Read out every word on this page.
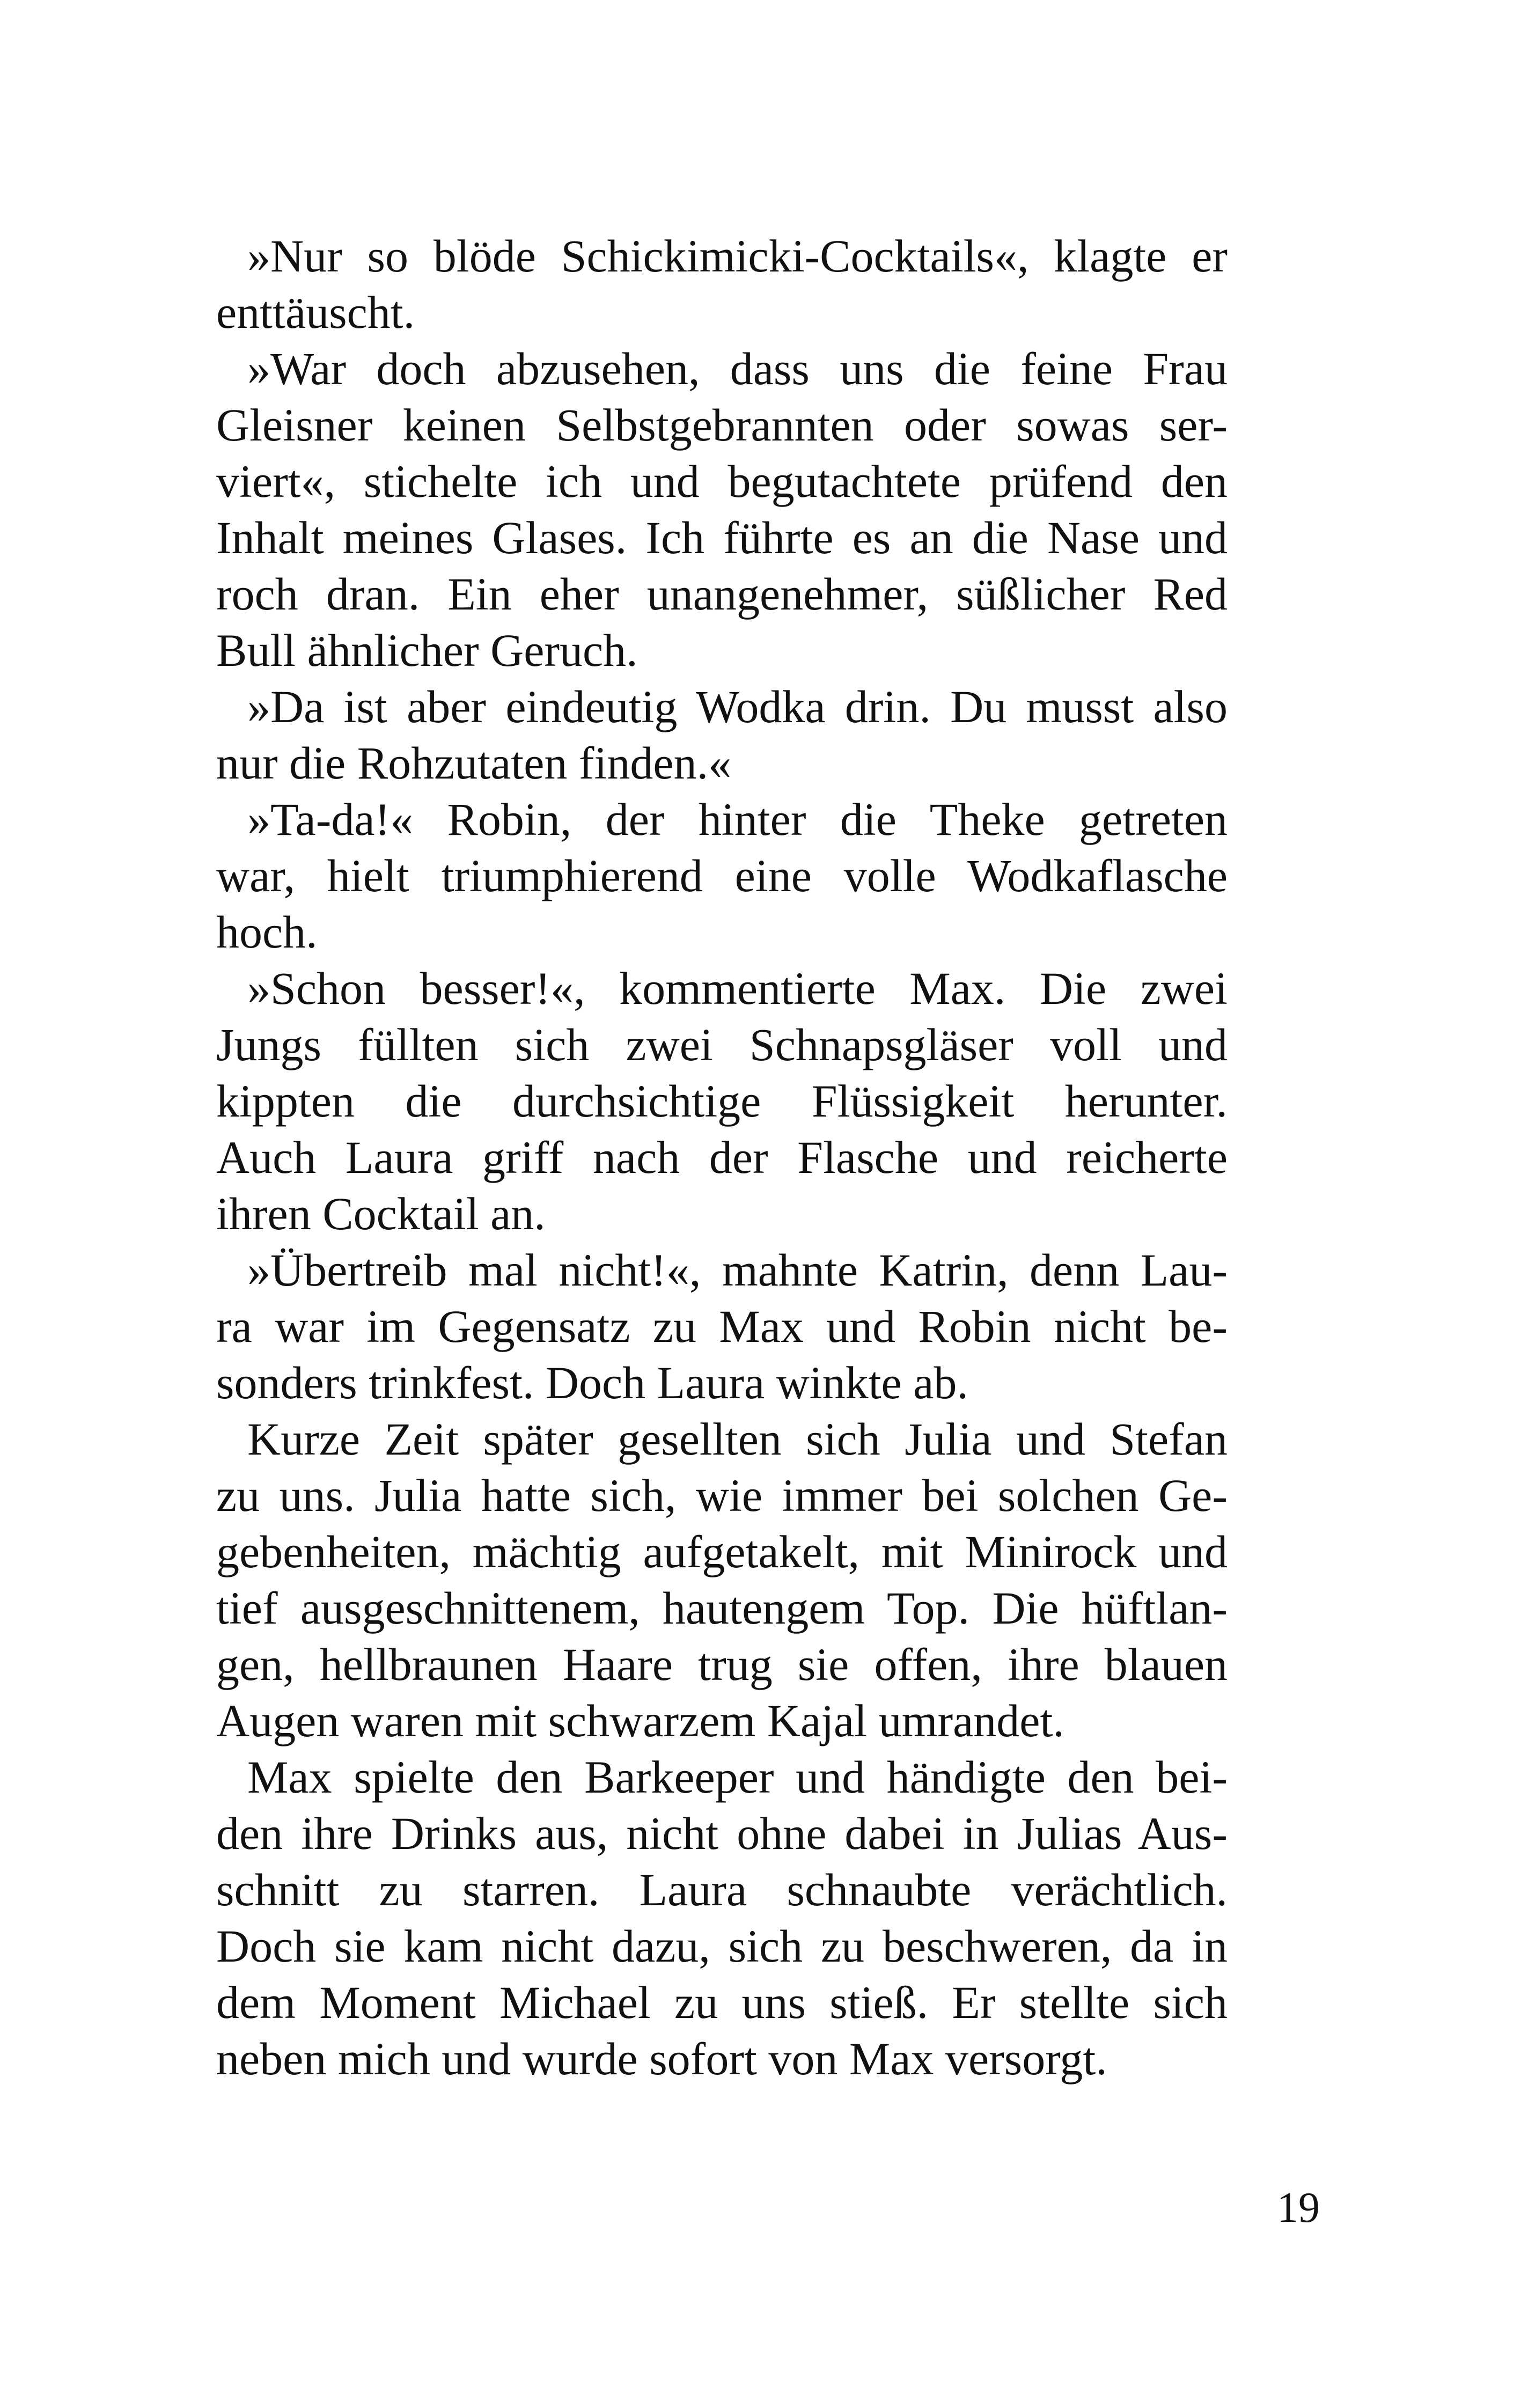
»Nur so blöde Schickimicki-Cocktails«, klagte er
enttäuscht.
»War doch abzusehen, dass uns die feine Frau
Gleisner keinen Selbstgebrannten oder sowas ser-
viert«, stichelte ich und begutachtete prüfend den
Inhalt meines Glases. Ich führte es an die Nase und
roch dran. Ein eher unangenehmer, süßlicher Red
Bull ähnlicher Geruch.
»Da ist aber eindeutig Wodka drin. Du musst also
nur die Rohzutaten finden.«
»Ta-da!« Robin, der hinter die Theke getreten
war, hielt triumphierend eine volle Wodkaflasche
hoch.
»Schon besser!«, kommentierte Max. Die zwei
Jungs füllten sich zwei Schnapsgläser voll und
kippten die durchsichtige Flüssigkeit herunter.
Auch Laura griff nach der Flasche und reicherte
ihren Cocktail an.
»Übertreib mal nicht!«, mahnte Katrin, denn Lau-
ra war im Gegensatz zu Max und Robin nicht be-
sonders trinkfest. Doch Laura winkte ab.
Kurze Zeit später gesellten sich Julia und Stefan
zu uns. Julia hatte sich, wie immer bei solchen Ge-
gebenheiten, mächtig aufgetakelt, mit Minirock und
tief ausgeschnittenem, hautengem Top. Die hüftlan-
gen, hellbraunen Haare trug sie offen, ihre blauen
Augen waren mit schwarzem Kajal umrandet.
Max spielte den Barkeeper und händigte den bei-
den ihre Drinks aus, nicht ohne dabei in Julias Aus-
schnitt zu starren. Laura schnaubte verächtlich.
Doch sie kam nicht dazu, sich zu beschweren, da in
dem Moment Michael zu uns stieß. Er stellte sich
neben mich und wurde sofort von Max versorgt.
19
